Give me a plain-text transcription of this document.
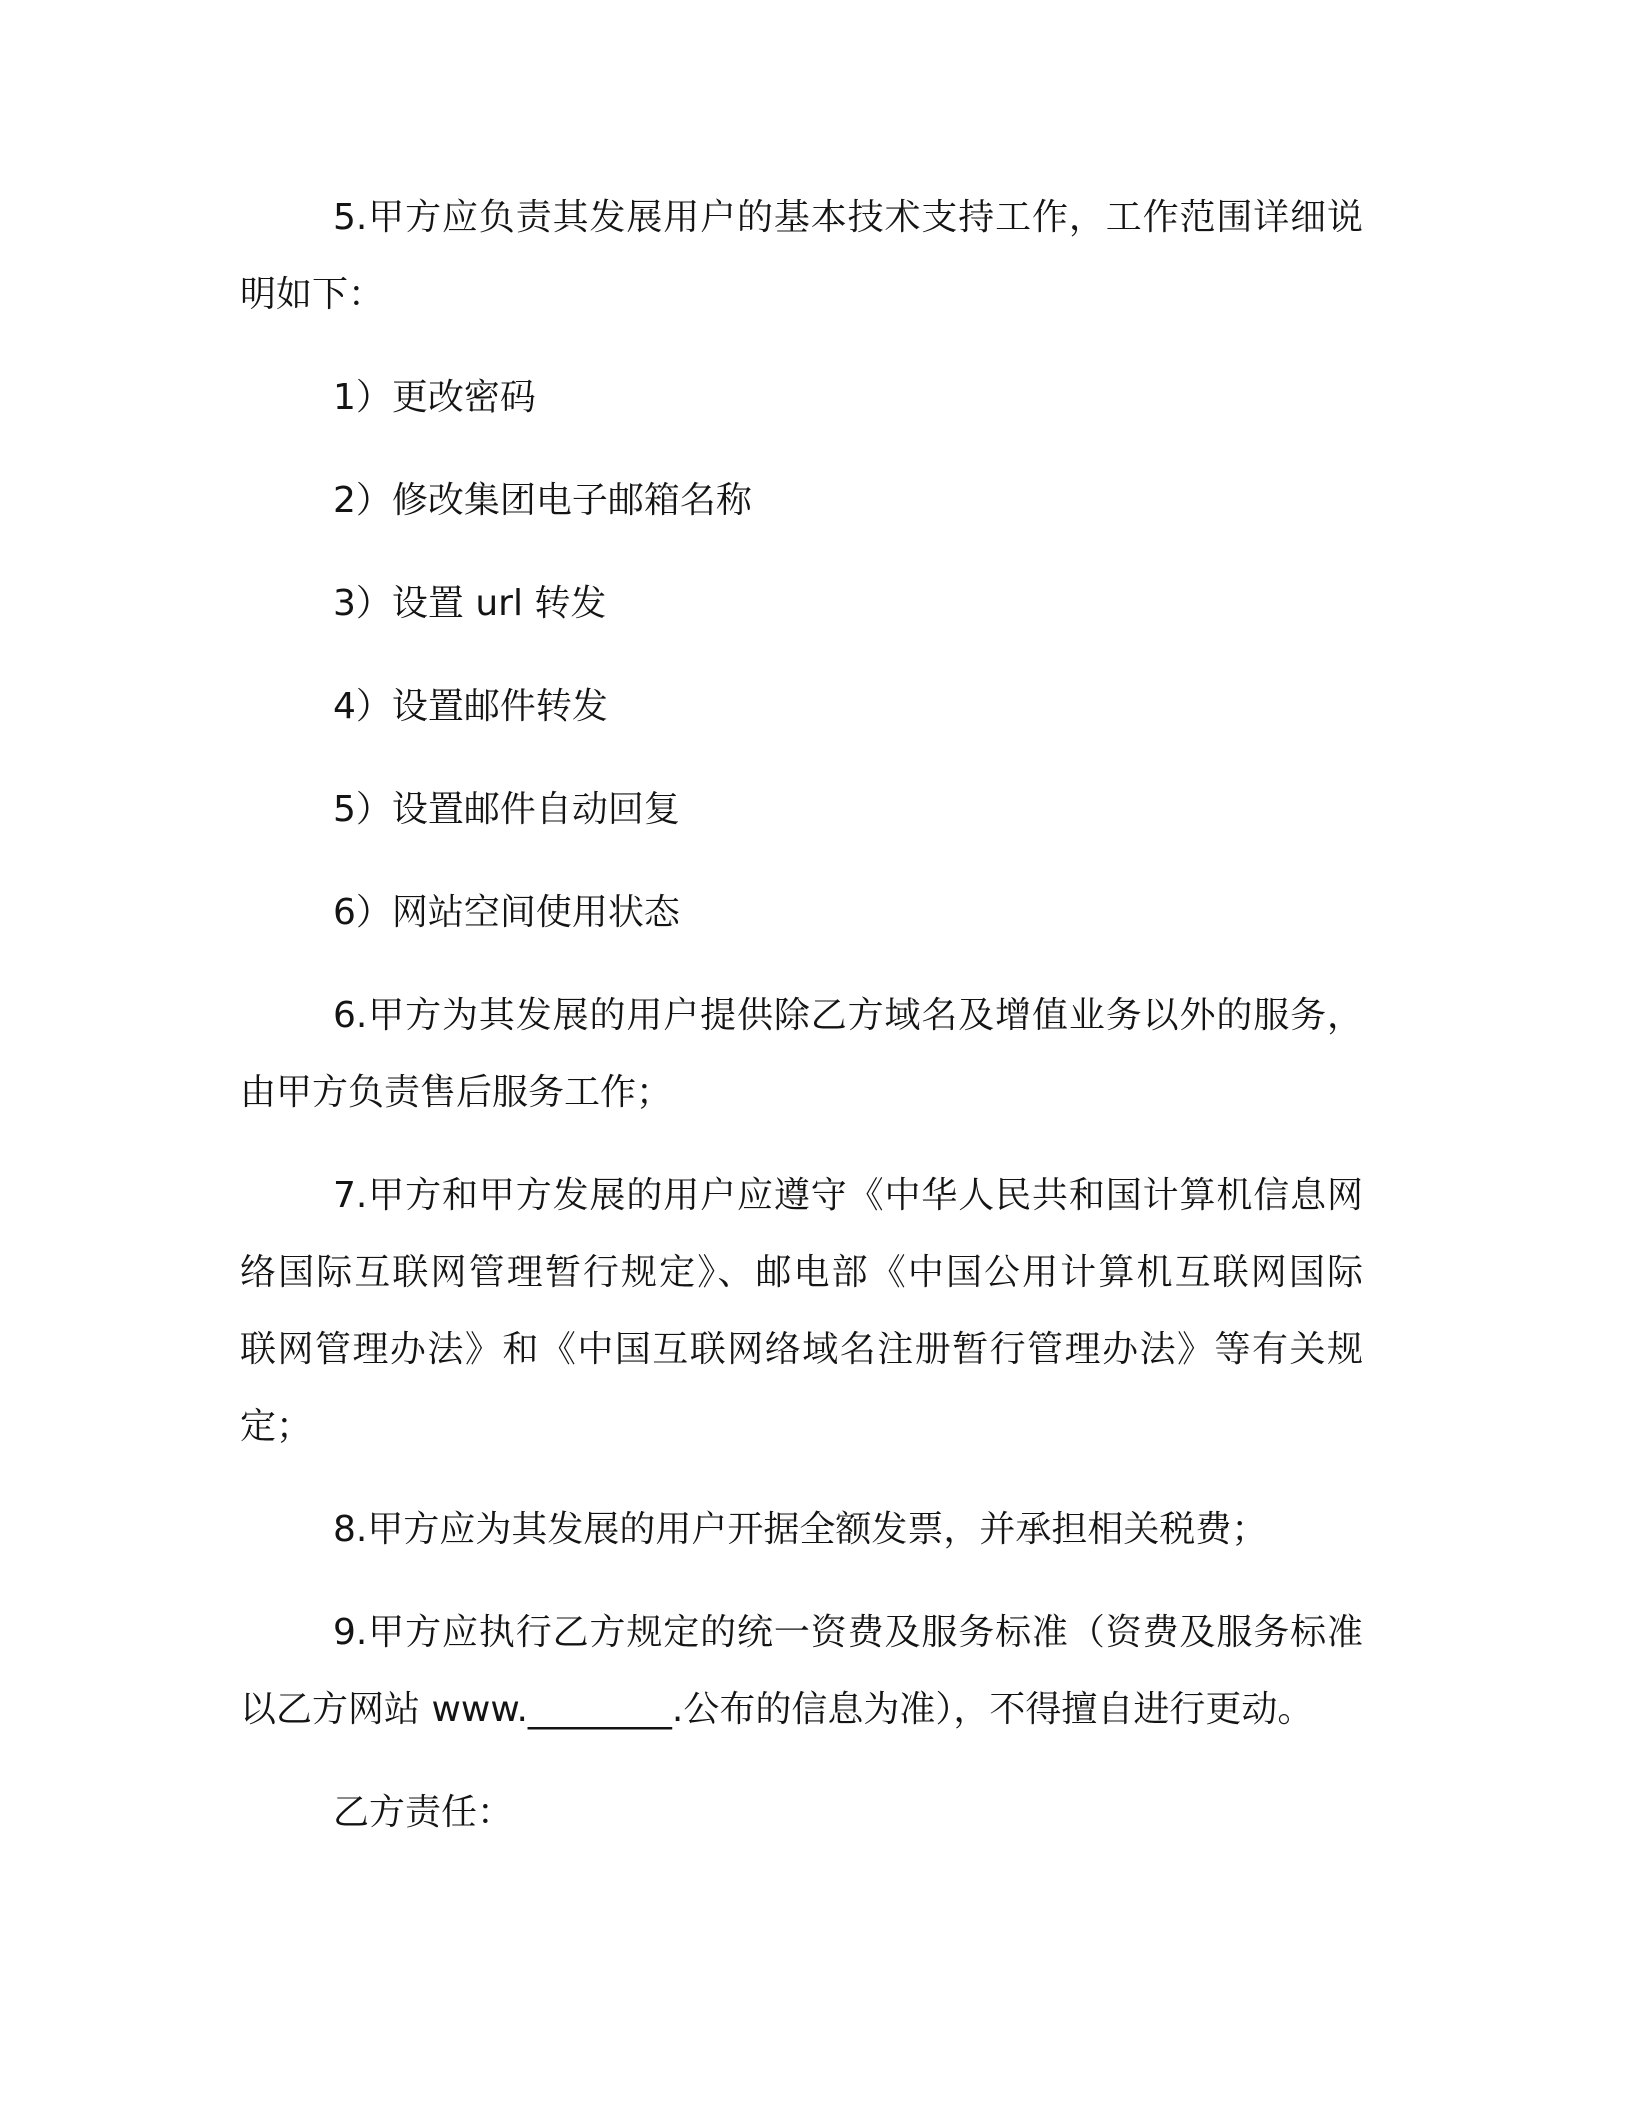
5.甲方应负责其发展用户的基本技术支持工作，工作范围详细说
明如下：
1）更改密码
2）修改集团电子邮箱名称
3）设置 url 转发
4）设置邮件转发
5）设置邮件自动回复
6）网站空间使用状态
6.甲方为其发展的用户提供除乙方域名及增值业务以外的服务，
由甲方负责售后服务工作；
7.甲方和甲方发展的用户应遵守《中华人民共和国计算机信息网
络国际互联网管理暂行规定》、邮电部《中国公用计算机互联网国际
联网管理办法》和《中国互联网络域名注册暂行管理办法》等有关规
定；
8.甲方应为其发展的用户开据全额发票，并承担相关税费；
9.甲方应执行乙方规定的统一资费及服务标准（资费及服务标准
以乙方网站 www.________.公布的信息为准），不得擅自进行更动。
乙方责任：
